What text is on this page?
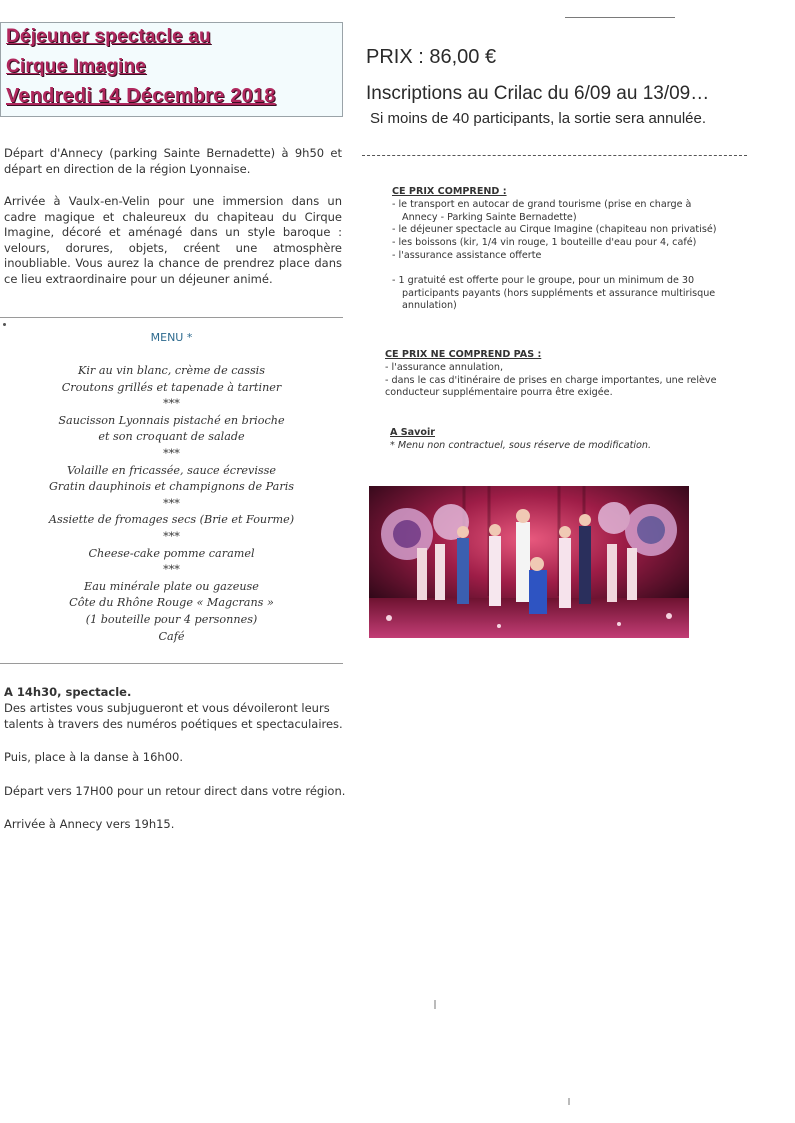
Déjeuner spectacle au
Cirque Imagine
Vendredi 14 Décembre 2018
PRIX : 86,00 €
Inscriptions au Crilac du 6/09 au 13/09…
Si moins de 40 participants, la sortie sera annulée.
Départ d'Annecy (parking Sainte Bernadette) à 9h50 et départ en direction de la région Lyonnaise.
Arrivée à Vaulx-en-Velin pour une immersion dans un cadre magique et chaleureux du chapiteau du Cirque Imagine, décoré et aménagé dans un style baroque : velours, dorures, objets, créent une atmosphère inoubliable. Vous aurez la chance de prendrez place dans ce lieu extraordinaire pour un déjeuner animé.
MENU *
Kir au vin blanc, crème de cassis
Croutons grillés et tapenade à tartiner
***
Saucisson Lyonnais pistaché en brioche
et son croquant de salade
***
Volaille en fricassée, sauce écrevisse
Gratin dauphinois et champignons de Paris
***
Assiette de fromages secs (Brie et Fourme)
***
Cheese-cake pomme caramel
***
Eau minérale plate ou gazeuse
Côte du Rhône Rouge « Magcrans »
(1 bouteille pour 4 personnes)
Café
A 14h30, spectacle.
Des artistes vous subjugueront et vous dévoileront leurs
talents à travers des numéros poétiques et spectaculaires.
Puis, place à la danse à 16h00.
Départ vers 17H00 pour un retour direct dans votre région.
Arrivée à Annecy vers 19h15.
CE PRIX COMPREND :
- le transport en autocar de grand tourisme (prise en charge à
Annecy - Parking Sainte Bernadette)
- le déjeuner spectacle au Cirque Imagine (chapiteau non privatisé)
- les boissons (kir, 1/4 vin rouge, 1 bouteille d'eau pour 4, café)
- l'assurance assistance offerte
- 1 gratuité est offerte pour le groupe, pour un minimum de 30
participants payants (hors suppléments et assurance multirisque
annulation)
CE PRIX NE COMPREND PAS :
- l'assurance annulation,
- dans le cas d'itinéraire de prises en charge importantes, une relève
conducteur supplémentaire pourra être exigée.
A Savoir
* Menu non contractuel, sous réserve de modification.
